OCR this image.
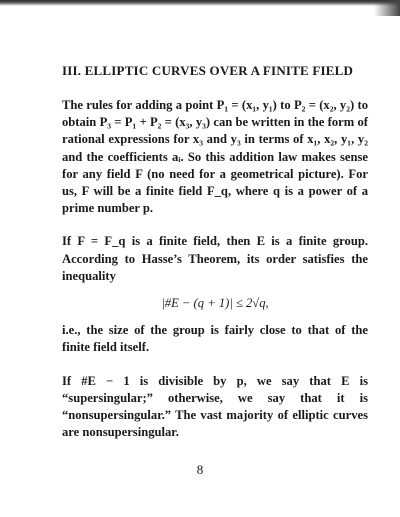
III. ELLIPTIC CURVES OVER A FINITE FIELD

The rules for adding a point P₁ = (x₁, y₁) to P₂ = (x₂, y₂) to obtain P₃ = P₁ + P₂ = (x₃, y₃) can be written in the form of rational expressions for x₃ and y₃ in terms of x₁, x₂, y₁, y₂ and the coefficients aᵢ. So this addition law makes sense for any field F (no need for a geometrical picture). For us, F will be a finite field F_q, where q is a power of a prime number p.

If F = F_q is a finite field, then E is a finite group. According to Hasse’s Theorem, its order satisfies the inequality

|#E − (q + 1)| ≤ 2√q,

i.e., the size of the group is fairly close to that of the finite field itself.

If #E − 1 is divisible by p, we say that E is “supersingular;” otherwise, we say that it is “nonsupersingular.” The vast majority of elliptic curves are nonsupersingular.

8
